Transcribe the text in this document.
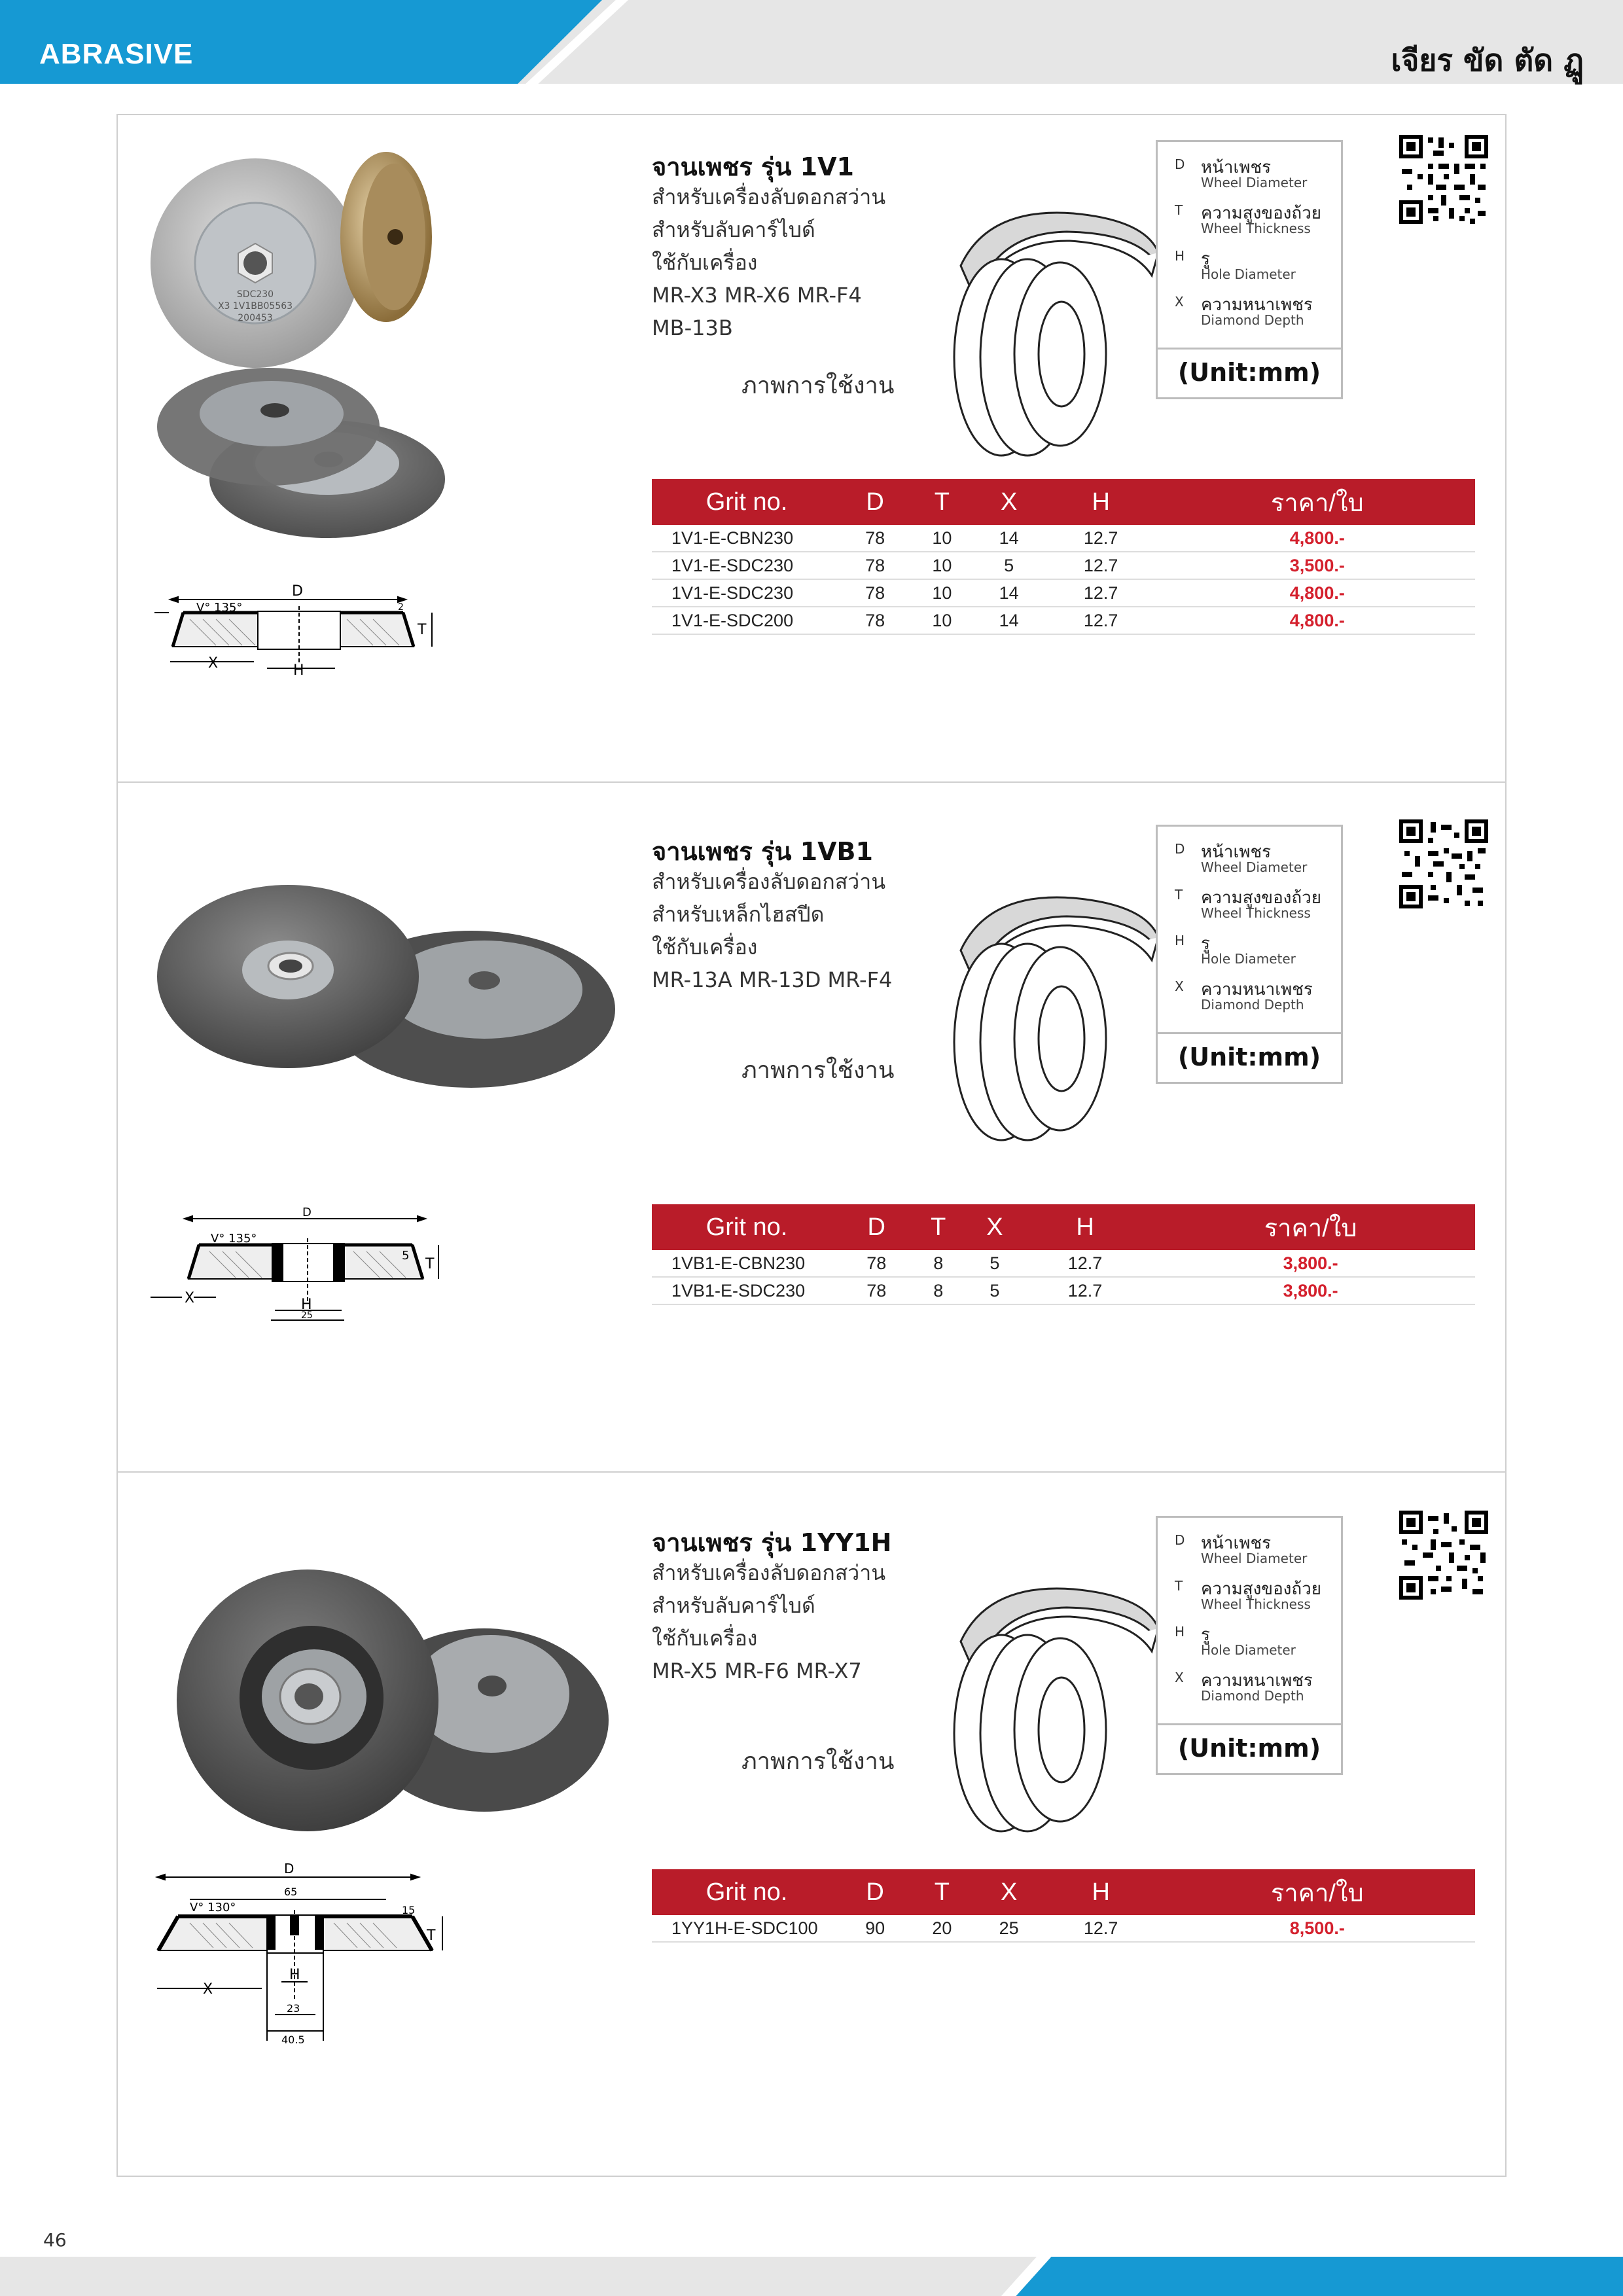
ABRASIVE	เจียร ขัด ตัด ฏู
SDC230
X3 1V1BB05563
200453
V° 135°
D
2
T
X	H
จานเพชร รุ่น 1V1
สำหรับเครื่องลับดอกสว่าน
สำหรับลับคาร์ไบด์
ใช้กับเครื่อง
MR-X3 MR-X6 MR-F4
MB-13B
ภาพการใช้งาน
D หน้าเพชร
Wheel Diameter
T ความสูงของถ้วย
Wheel Thickness
H รู
Hole Diameter
X ความหนาเพชร
Diamond Depth
(Unit:mm)
Grit no.	D	T	X	H	ราคา/ใบ
1V1-E-CBN230	78	10	14	12.7	4,800.-
1V1-E-SDC230	78	10	5	12.7	3,500.-
1V1-E-SDC230	78	10	14	12.7	4,800.-
1V1-E-SDC200	78	10	14	12.7	4,800.-
V° 135°
D
5
T
X	H
25
จานเพชร รุ่น 1VB1
สำหรับเครื่องลับดอกสว่าน
สำหรับเหล็กไฮสปีด
ใช้กับเครื่อง
MR-13A MR-13D MR-F4
ภาพการใช้งาน
D หน้าเพชร
Wheel Diameter
T ความสูงของถ้วย
Wheel Thickness
H รู
Hole Diameter
X ความหนาเพชร
Diamond Depth
(Unit:mm)
Grit no.	D	T	X	H	ราคา/ใบ
1VB1-E-CBN230	78	8	5	12.7	3,800.-
1VB1-E-SDC230	78	8	5	12.7	3,800.-
V° 130°
D
65
15
T
X
H
23
40.5
จานเพชร รุ่น 1YY1H
สำหรับเครื่องลับดอกสว่าน
สำหรับลับคาร์ไบด์
ใช้กับเครื่อง
MR-X5 MR-F6 MR-X7
ภาพการใช้งาน
D หน้าเพชร
Wheel Diameter
T ความสูงของถ้วย
Wheel Thickness
H รู
Hole Diameter
X ความหนาเพชร
Diamond Depth
(Unit:mm)
Grit no.	D	T	X	H	ราคา/ใบ
1YY1H-E-SDC100	90	20	25	12.7	8,500.-
46
